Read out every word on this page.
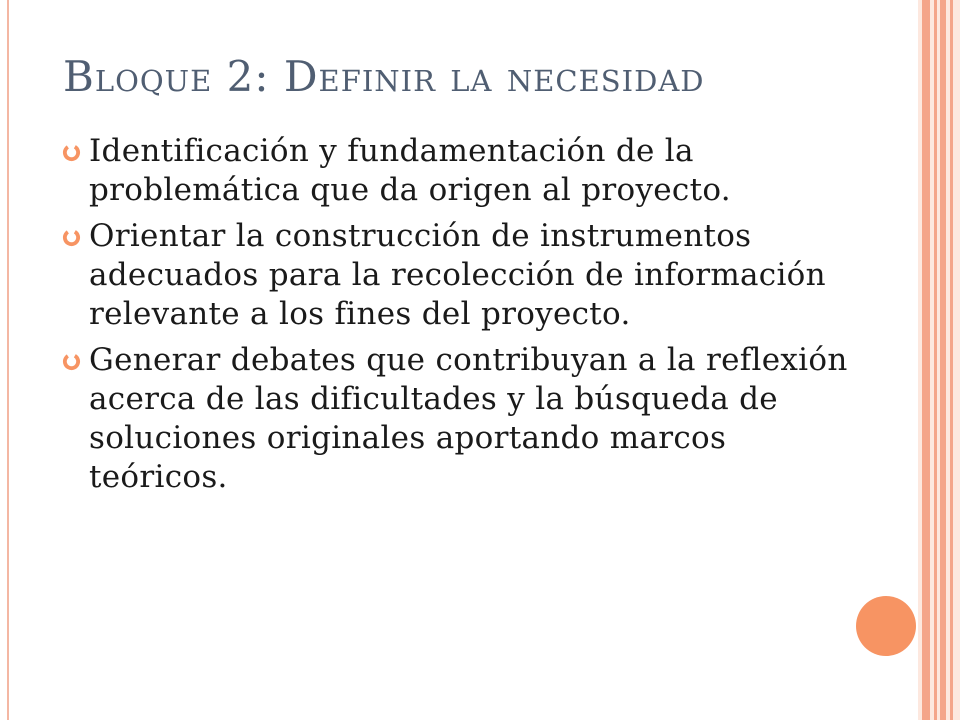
Bloque 2: Definir la necesidad
Identificación y fundamentación de la problemática que da origen al proyecto.
Orientar la construcción de instrumentos adecuados para la recolección de información relevante a los fines del proyecto.
Generar debates que contribuyan a la reflexión acerca de las dificultades y la búsqueda de soluciones originales aportando marcos teóricos.
